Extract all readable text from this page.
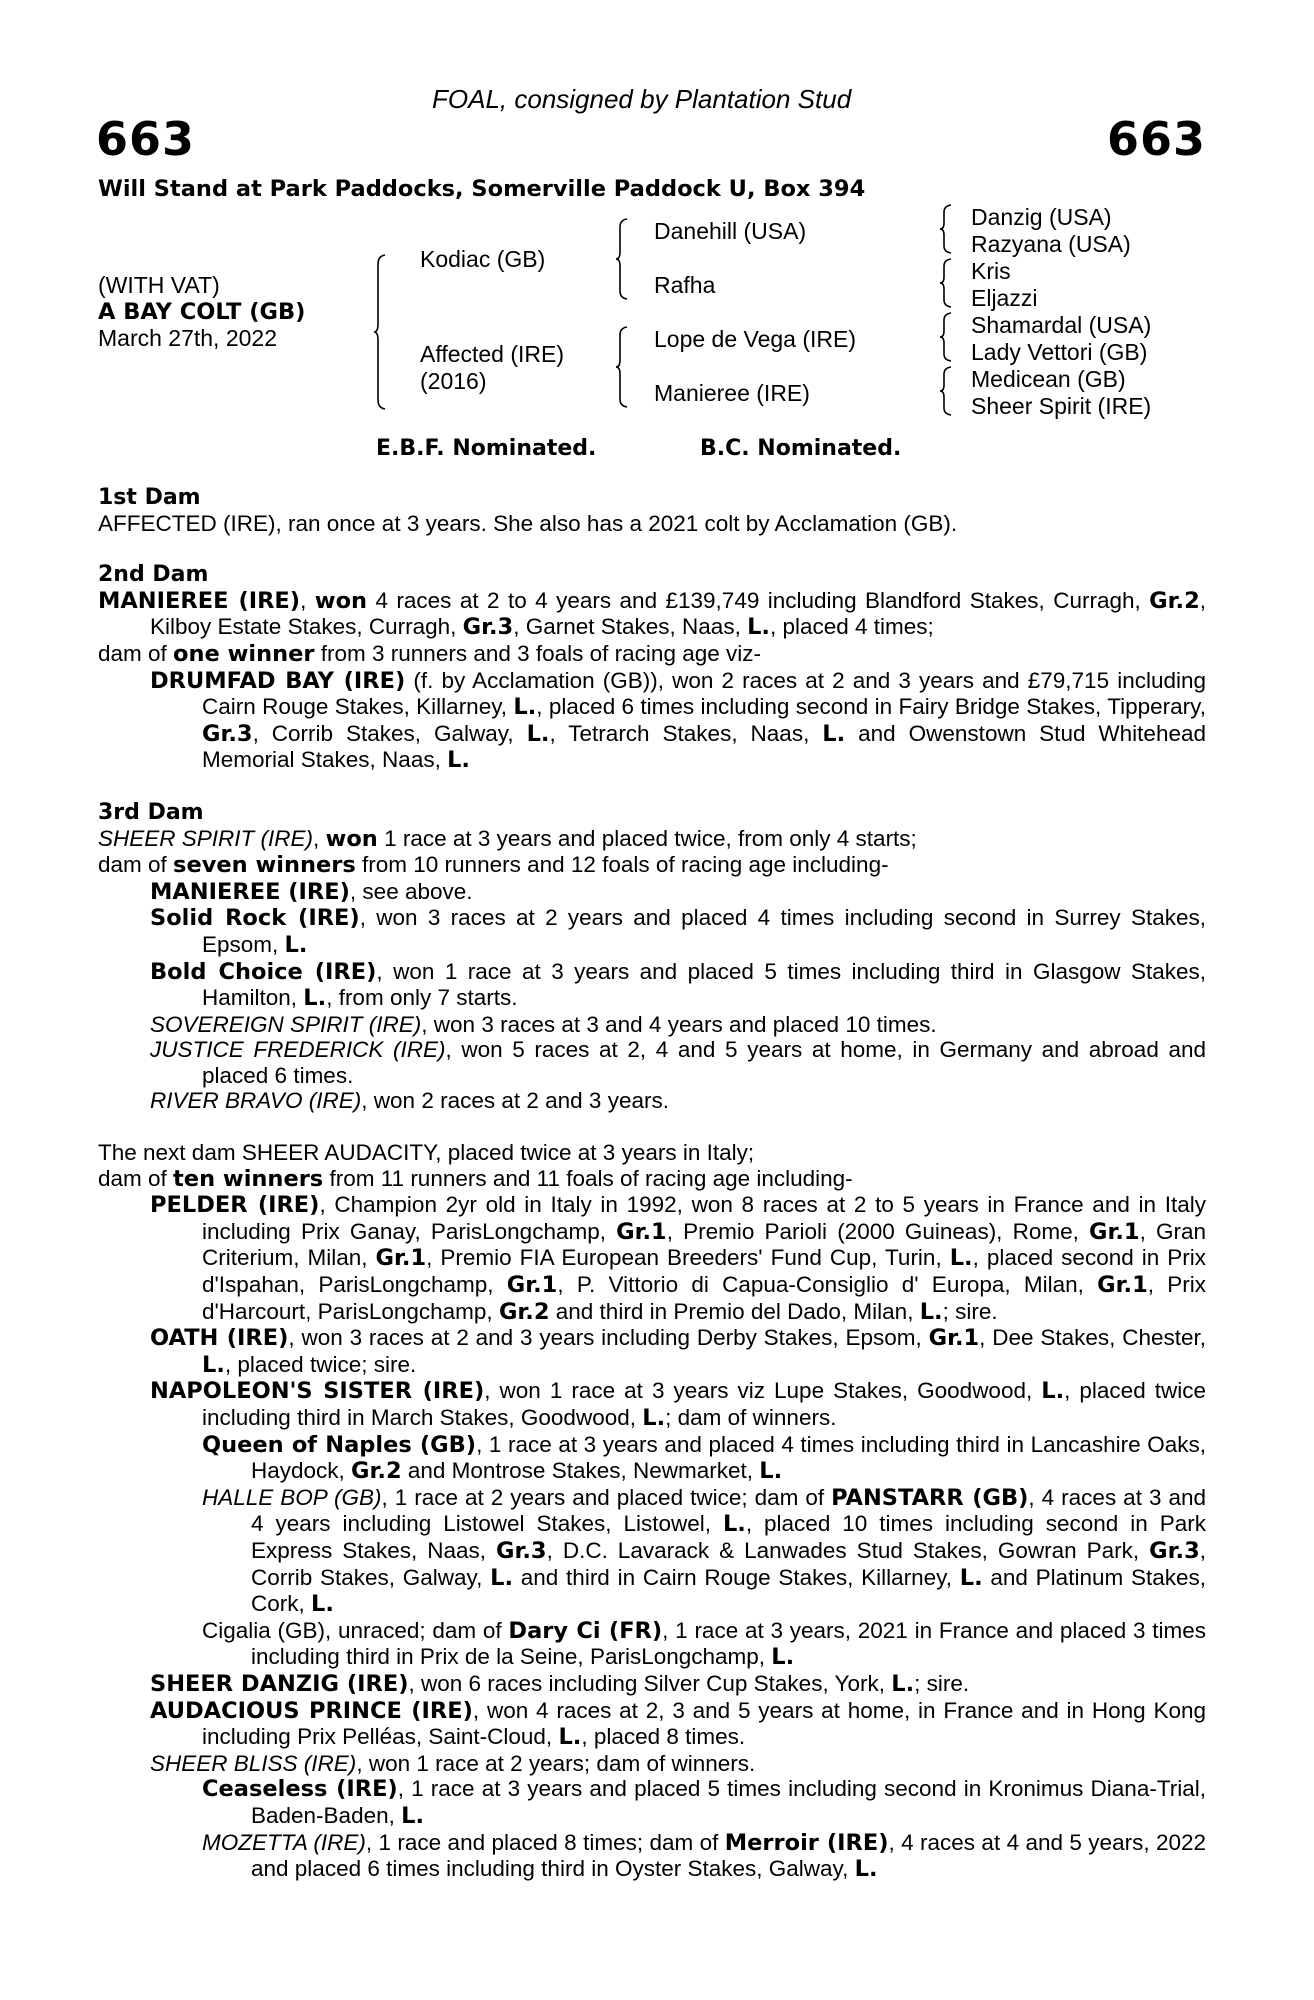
FOAL, consigned by Plantation Stud
663	663
Will Stand at Park Paddocks, Somerville Paddock U, Box 394
(WITH VAT)
A BAY COLT (GB)
March 27th, 2022
Kodiac (GB)
Affected (IRE)
(2016)
Danehill (USA)
Rafha
Lope de Vega (IRE)
Manieree (IRE)
Danzig (USA)
Razyana (USA)
Kris
Eljazzi
Shamardal (USA)
Lady Vettori (GB)
Medicean (GB)
Sheer Spirit (IRE)
E.B.F. Nominated.	B.C. Nominated.

1st Dam

AFFECTED (IRE), ran once at 3 years. She also has a 2021 colt by Acclamation (GB).

2nd Dam

MANIEREE (IRE), won 4 races at 2 to 4 years and £139,749 including Blandford Stakes, Curragh, Gr.2, Kilboy Estate Stakes, Curragh, Gr.3, Garnet Stakes, Naas, L., placed 4 times;

dam of one winner from 3 runners and 3 foals of racing age viz-

DRUMFAD BAY (IRE) (f. by Acclamation (GB)), won 2 races at 2 and 3 years and £79,715 including Cairn Rouge Stakes, Killarney, L., placed 6 times including second in Fairy Bridge Stakes, Tipperary, Gr.3, Corrib Stakes, Galway, L., Tetrarch Stakes, Naas, L. and Owenstown Stud Whitehead Memorial Stakes, Naas, L.

3rd Dam

SHEER SPIRIT (IRE), won 1 race at 3 years and placed twice, from only 4 starts;

dam of seven winners from 10 runners and 12 foals of racing age including-

MANIEREE (IRE), see above.

Solid Rock (IRE), won 3 races at 2 years and placed 4 times including second in Surrey Stakes, Epsom, L.

Bold Choice (IRE), won 1 race at 3 years and placed 5 times including third in Glasgow Stakes, Hamilton, L., from only 7 starts.

SOVEREIGN SPIRIT (IRE), won 3 races at 3 and 4 years and placed 10 times.

JUSTICE FREDERICK (IRE), won 5 races at 2, 4 and 5 years at home, in Germany and abroad and placed 6 times.

RIVER BRAVO (IRE), won 2 races at 2 and 3 years.

The next dam SHEER AUDACITY, placed twice at 3 years in Italy;

dam of ten winners from 11 runners and 11 foals of racing age including-

PELDER (IRE), Champion 2yr old in Italy in 1992, won 8 races at 2 to 5 years in France and in Italy including Prix Ganay, ParisLongchamp, Gr.1, Premio Parioli (2000 Guineas), Rome, Gr.1, Gran Criterium, Milan, Gr.1, Premio FIA European Breeders' Fund Cup, Turin, L., placed second in Prix d'Ispahan, ParisLongchamp, Gr.1, P. Vittorio di Capua-Consiglio d' Europa, Milan, Gr.1, Prix d'Harcourt, ParisLongchamp, Gr.2 and third in Premio del Dado, Milan, L.; sire.

OATH (IRE), won 3 races at 2 and 3 years including Derby Stakes, Epsom, Gr.1, Dee Stakes, Chester, L., placed twice; sire.

NAPOLEON'S SISTER (IRE), won 1 race at 3 years viz Lupe Stakes, Goodwood, L., placed twice including third in March Stakes, Goodwood, L.; dam of winners.

Queen of Naples (GB), 1 race at 3 years and placed 4 times including third in Lancashire Oaks, Haydock, Gr.2 and Montrose Stakes, Newmarket, L.

HALLE BOP (GB), 1 race at 2 years and placed twice; dam of PANSTARR (GB), 4 races at 3 and 4 years including Listowel Stakes, Listowel, L., placed 10 times including second in Park Express Stakes, Naas, Gr.3, D.C. Lavarack & Lanwades Stud Stakes, Gowran Park, Gr.3, Corrib Stakes, Galway, L. and third in Cairn Rouge Stakes, Killarney, L. and Platinum Stakes, Cork, L.

Cigalia (GB), unraced; dam of Dary Ci (FR), 1 race at 3 years, 2021 in France and placed 3 times including third in Prix de la Seine, ParisLongchamp, L.

SHEER DANZIG (IRE), won 6 races including Silver Cup Stakes, York, L.; sire.

AUDACIOUS PRINCE (IRE), won 4 races at 2, 3 and 5 years at home, in France and in Hong Kong including Prix Pelléas, Saint-Cloud, L., placed 8 times.

SHEER BLISS (IRE), won 1 race at 2 years; dam of winners.

Ceaseless (IRE), 1 race at 3 years and placed 5 times including second in Kronimus Diana-Trial, Baden-Baden, L.

MOZETTA (IRE), 1 race and placed 8 times; dam of Merroir (IRE), 4 races at 4 and 5 years, 2022 and placed 6 times including third in Oyster Stakes, Galway, L.
